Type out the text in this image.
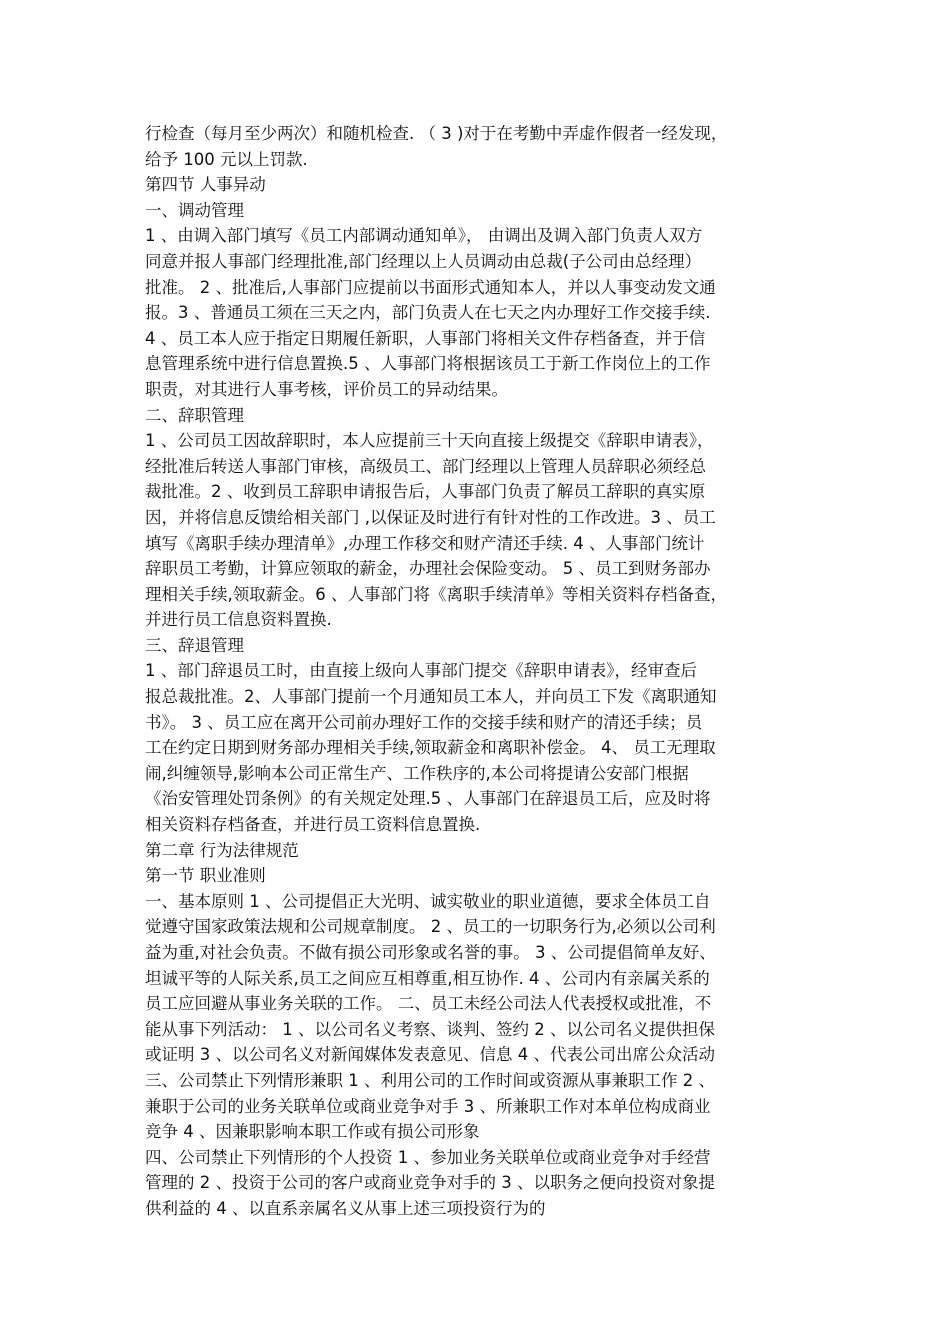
行检查（每月至少两次）和随机检查. （ 3 )对于在考勤中弄虚作假者一经发现，
给予 100 元以上罚款.
第四节 人事异动
一、调动管理
1 、由调入部门填写《员工内部调动通知单》， 由调出及调入部门负责人双方
同意并报人事部门经理批准,部门经理以上人员调动由总裁(子公司由总经理）
批准。 2 、批准后,人事部门应提前以书面形式通知本人，并以人事变动发文通
报。3 、普通员工须在三天之内，部门负责人在七天之内办理好工作交接手续.
4 、员工本人应于指定日期履任新职，人事部门将相关文件存档备查，并于信
息管理系统中进行信息置换.5 、人事部门将根据该员工于新工作岗位上的工作
职责，对其进行人事考核，评价员工的异动结果。
二、辞职管理
1 、公司员工因故辞职时，本人应提前三十天向直接上级提交《辞职申请表》，
经批准后转送人事部门审核，高级员工、部门经理以上管理人员辞职必须经总
裁批准。2 、收到员工辞职申请报告后，人事部门负责了解员工辞职的真实原
因，并将信息反馈给相关部门 ,以保证及时进行有针对性的工作改进。3 、员工
填写《离职手续办理清单》,办理工作移交和财产清还手续. 4 、人事部门统计
辞职员工考勤，计算应领取的薪金，办理社会保险变动。 5 、员工到财务部办
理相关手续,领取薪金。6 、人事部门将《离职手续清单》等相关资料存档备查，
并进行员工信息资料置换.
三、辞退管理
1 、部门辞退员工时，由直接上级向人事部门提交《辞职申请表》，经审查后
报总裁批准。2、人事部门提前一个月通知员工本人，并向员工下发《离职通知
书》。 3 、员工应在离开公司前办理好工作的交接手续和财产的清还手续；员
工在约定日期到财务部办理相关手续,领取薪金和离职补偿金。 4、 员工无理取
闹,纠缠领导,影响本公司正常生产、工作秩序的,本公司将提请公安部门根据
《治安管理处罚条例》的有关规定处理.5 、人事部门在辞退员工后，应及时将
相关资料存档备查，并进行员工资料信息置换.
第二章 行为法律规范
第一节 职业准则
一、基本原则 1 、公司提倡正大光明、诚实敬业的职业道德，要求全体员工自
觉遵守国家政策法规和公司规章制度。 2 、员工的一切职务行为,必须以公司利
益为重,对社会负责。不做有损公司形象或名誉的事。 3 、公司提倡简单友好、
坦诚平等的人际关系,员工之间应互相尊重,相互协作. 4 、公司内有亲属关系的
员工应回避从事业务关联的工作。 二、员工未经公司法人代表授权或批准，不
能从事下列活动： 1 、以公司名义考察、谈判、签约 2 、以公司名义提供担保
或证明 3 、以公司名义对新闻媒体发表意见、信息 4 、代表公司出席公众活动
三、公司禁止下列情形兼职 1 、利用公司的工作时间或资源从事兼职工作 2 、
兼职于公司的业务关联单位或商业竞争对手 3 、所兼职工作对本单位构成商业
竞争 4 、因兼职影响本职工作或有损公司形象
四、公司禁止下列情形的个人投资 1 、参加业务关联单位或商业竞争对手经营
管理的 2 、投资于公司的客户或商业竞争对手的 3 、以职务之便向投资对象提
供利益的 4 、以直系亲属名义从事上述三项投资行为的
